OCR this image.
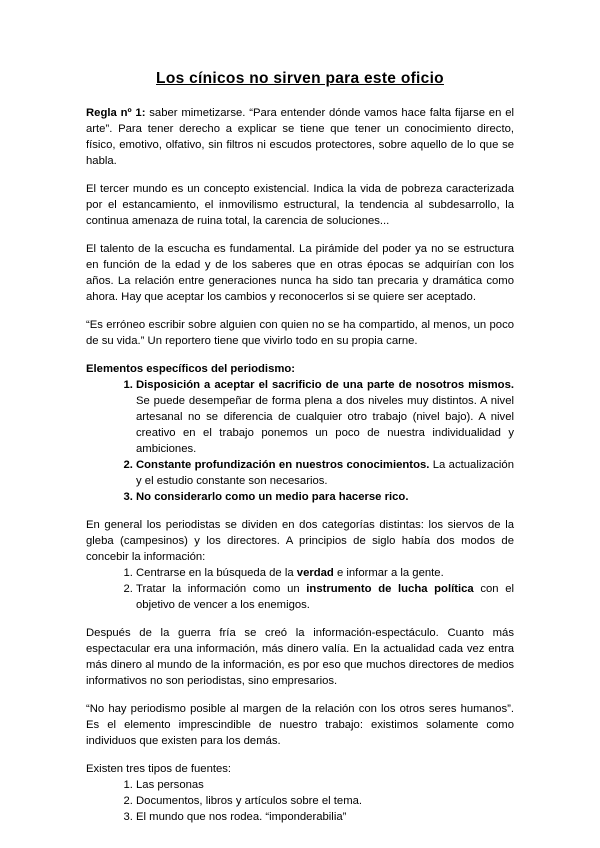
Los cínicos no sirven para este oficio

Regla nº 1: saber mimetizarse. “Para entender dónde vamos hace falta fijarse en el arte”. Para tener derecho a explicar se tiene que tener un conocimiento directo, físico, emotivo, olfativo, sin filtros ni escudos protectores, sobre aquello de lo que se habla.

El tercer mundo es un concepto existencial. Indica la vida de pobreza caracterizada por el estancamiento, el inmovilismo estructural, la tendencia al subdesarrollo, la continua amenaza de ruina total, la carencia de soluciones...

El talento de la escucha es fundamental. La pirámide del poder ya no se estructura en función de la edad y de los saberes que en otras épocas se adquirían con los años. La relación entre generaciones nunca ha sido tan precaria y dramática como ahora. Hay que aceptar los cambios y reconocerlos si se quiere ser aceptado.

“Es erróneo escribir sobre alguien con quien no se ha compartido, al menos, un poco de su vida.” Un reportero tiene que vivirlo todo en su propia carne.

Elementos específicos del periodismo:
1. Disposición a aceptar el sacrificio de una parte de nosotros mismos. Se puede desempeñar de forma plena a dos niveles muy distintos. A nivel artesanal no se diferencia de cualquier otro trabajo (nivel bajo). A nivel creativo en el trabajo ponemos un poco de nuestra individualidad y ambiciones.
2. Constante profundización en nuestros conocimientos. La actualización y el estudio constante son necesarios.
3. No considerarlo como un medio para hacerse rico.

En general los periodistas se dividen en dos categorías distintas: los siervos de la gleba (campesinos) y los directores. A principios de siglo había dos modos de concebir la información:

1. Centrarse en la búsqueda de la verdad e informar a la gente.
2. Tratar la información como un instrumento de lucha política con el objetivo de vencer a los enemigos.

Después de la guerra fría se creó la información-espectáculo. Cuanto más espectacular era una información, más dinero valía. En la actualidad cada vez entra más dinero al mundo de la información, es por eso que muchos directores de medios informativos no son periodistas, sino empresarios.

“No hay periodismo posible al margen de la relación con los otros seres humanos”. Es el elemento imprescindible de nuestro trabajo: existimos solamente como individuos que existen para los demás.

Existen tres tipos de fuentes:
1. Las personas
2. Documentos, libros y artículos sobre el tema.
3. El mundo que nos rodea. “imponderabilia”
